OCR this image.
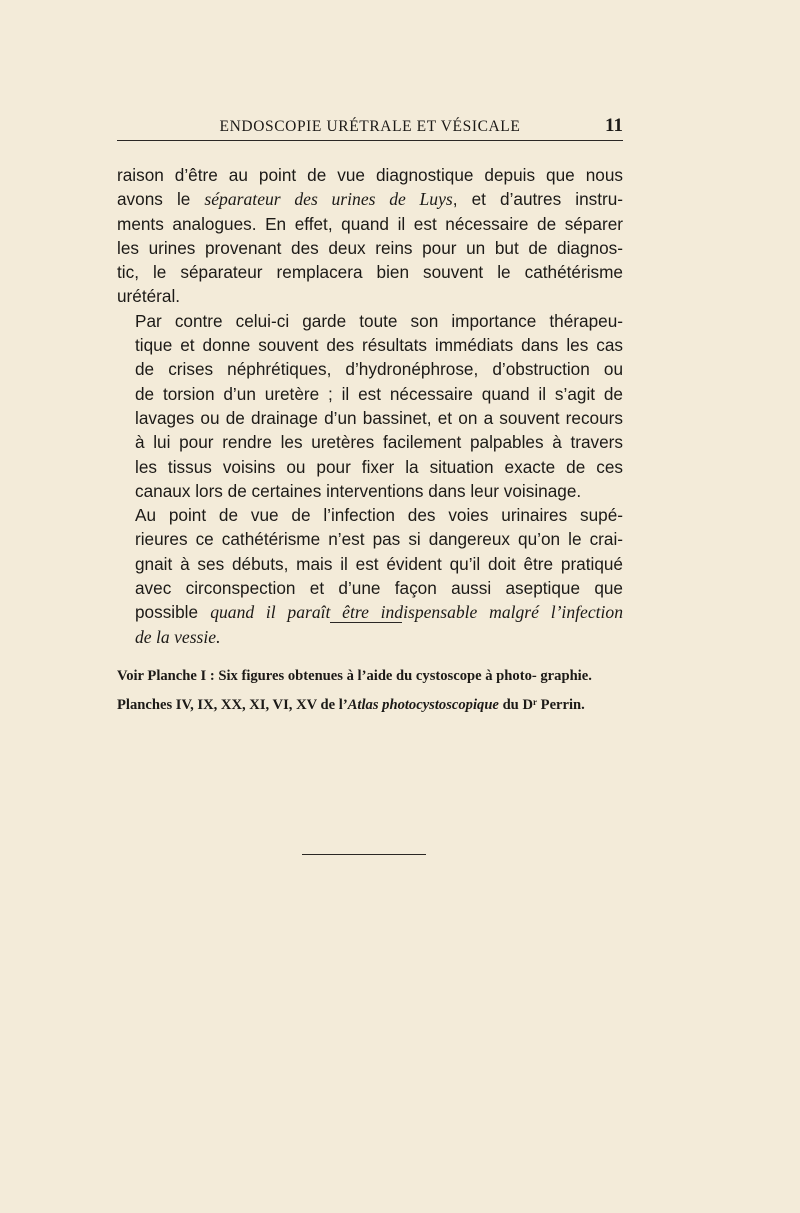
ENDOSCOPIE URÉTRALE ET VÉSICALE	11

raison d’être au point de vue diagnostique depuis que nous
avons le séparateur des urines de Luys, et d’autres instru-
ments analogues. En effet, quand il est nécessaire de séparer
les urines provenant des deux reins pour un but de diagnos-
tic, le séparateur remplacera bien souvent le cathétérisme
urétéral.

Par contre celui-ci garde toute son importance thérapeu-
tique et donne souvent des résultats immédiats dans les cas
de crises néphrétiques, d’hydronéphrose, d’obstruction ou
de torsion d’un uretère ; il est nécessaire quand il s’agit de
lavages ou de drainage d’un bassinet, et on a souvent recours
à lui pour rendre les uretères facilement palpables à travers
les tissus voisins ou pour fixer la situation exacte de ces
canaux lors de certaines interventions dans leur voisinage.

Au point de vue de l’infection des voies urinaires supé-
rieures ce cathétérisme n’est pas si dangereux qu’on le crai-
gnait à ses débuts, mais il est évident qu’il doit être pratiqué
avec circonspection et d’une façon aussi aseptique que
possible quand il paraît être indispensable malgré l’infection
de la vessie.

Voir Planche I : Six figures obtenues à l’aide du cystoscope à photo- graphie.

Planches IV, IX, XX, XI, VI, XV de l’Atlas photocystoscopique du $D^r$ Perrin.
